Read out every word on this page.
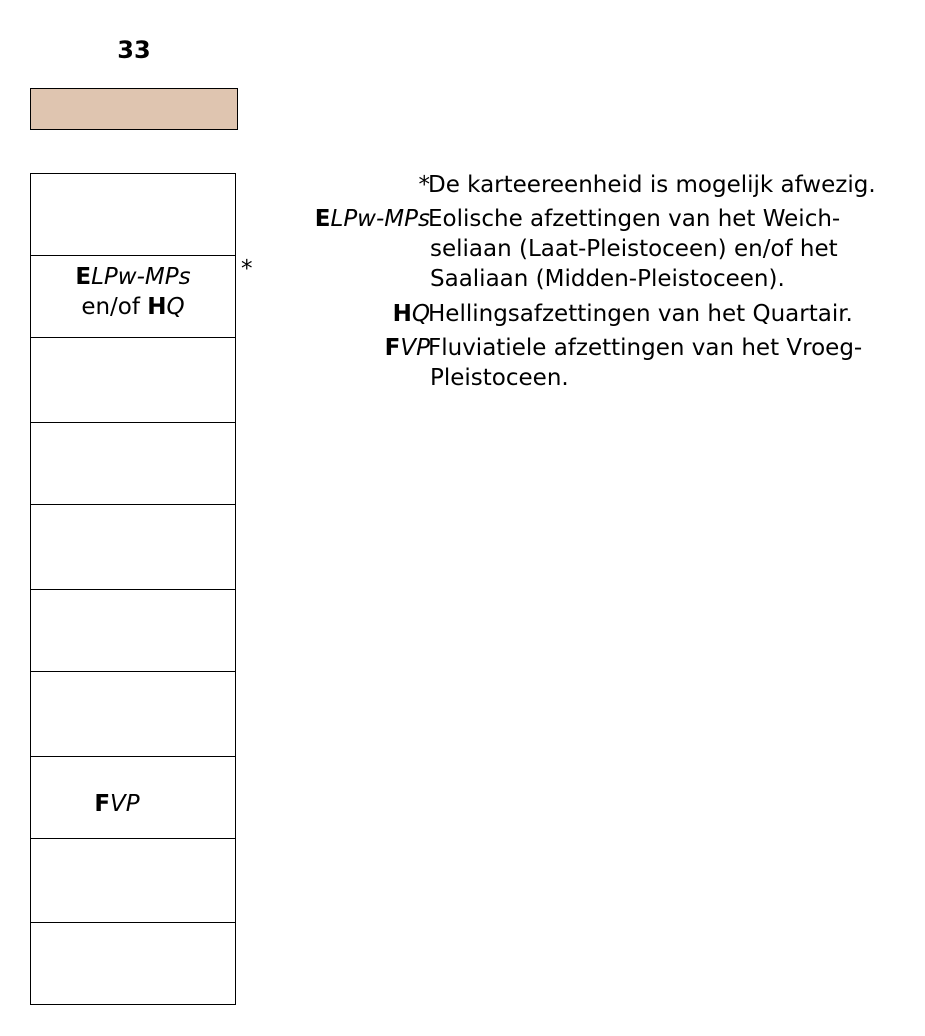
33
ELPw-MPs
en/of HQ
FVP
*
*
De karteereenheid is mogelijk afwezig.
ELPw-MPs
Eolische afzettingen van het Weich-
seliaan (Laat-Pleistoceen) en/of het
Saaliaan (Midden-Pleistoceen).
HQ
Hellingsafzettingen van het Quartair.
FVP
Fluviatiele afzettingen van het Vroeg-
Pleistoceen.
